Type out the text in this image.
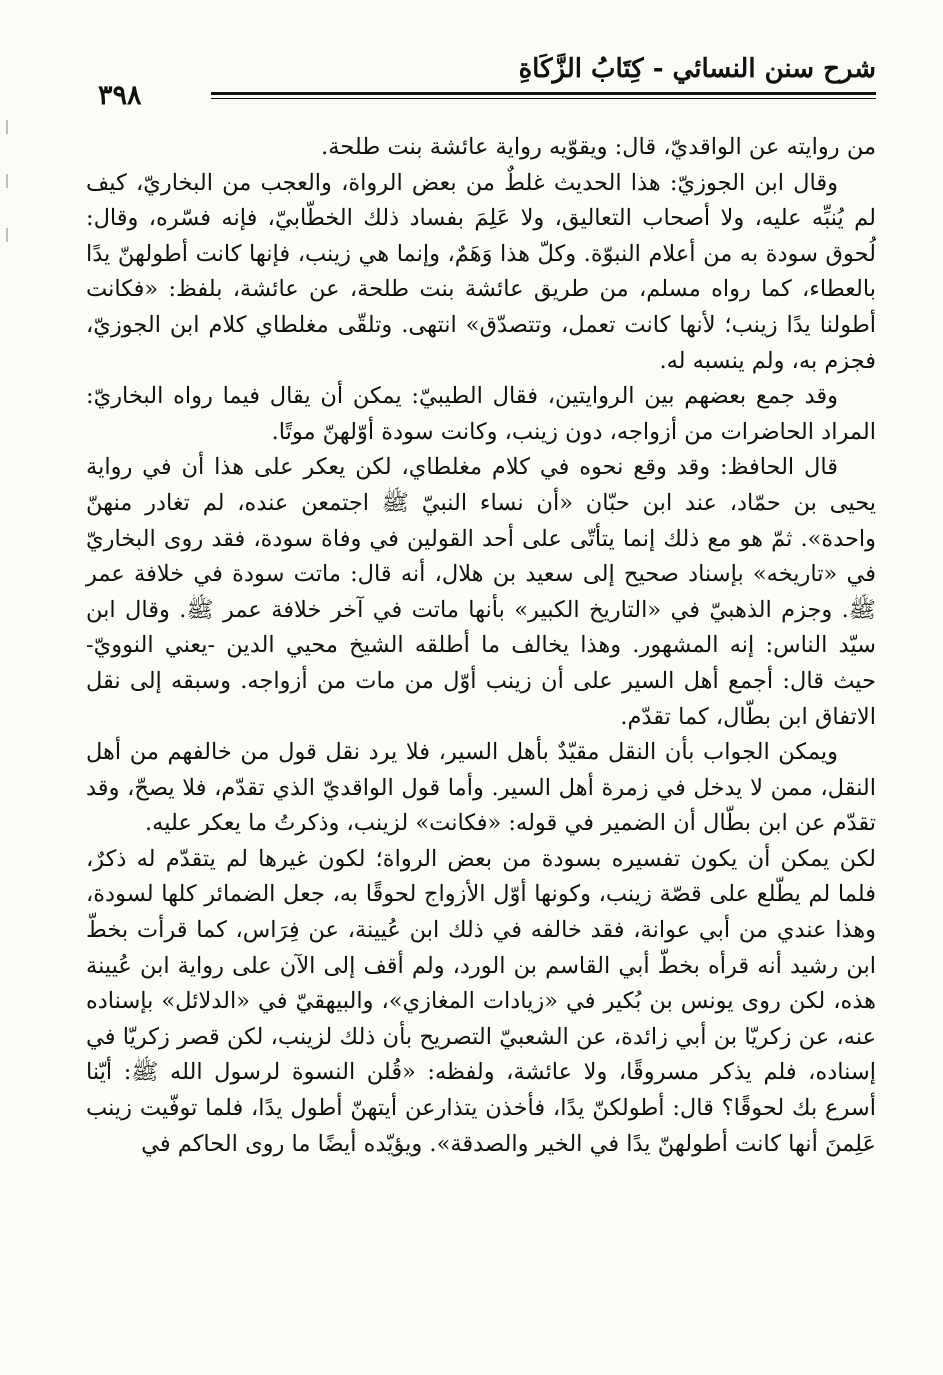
شرح سنن النسائي - كِتَابُ الزَّكَاةِ
٣٩٨

من روايته عن الواقديّ، قال: ويقوّيه رواية عائشة بنت طلحة.

وقال ابن الجوزيّ: هذا الحديث غلطٌ من بعض الرواة، والعجب من البخاريّ، كيف لم يُنبِّه عليه، ولا أصحاب التعاليق، ولا عَلِمَ بفساد ذلك الخطّابيّ، فإنه فسّره، وقال: لُحوق سودة به من أعلام النبوّة. وكلّ هذا وَهَمٌ، وإنما هي زينب، فإنها كانت أطولهنّ يدًا بالعطاء، كما رواه مسلم، من طريق عائشة بنت طلحة، عن عائشة، بلفظ: «فكانت أطولنا يدًا زينب؛ لأنها كانت تعمل، وتتصدّق» انتهى. وتلقّى مغلطاي كلام ابن الجوزيّ، فجزم به، ولم ينسبه له.

وقد جمع بعضهم بين الروايتين، فقال الطيبيّ: يمكن أن يقال فيما رواه البخاريّ: المراد الحاضرات من أزواجه، دون زينب، وكانت سودة أوّلهنّ موتًا.

قال الحافظ: وقد وقع نحوه في كلام مغلطاي، لكن يعكر على هذا أن في رواية يحيى بن حمّاد، عند ابن حبّان «أن نساء النبيّ ﷺ اجتمعن عنده، لم تغادر منهنّ واحدة». ثمّ هو مع ذلك إنما يتأتّى على أحد القولين في وفاة سودة، فقد روى البخاريّ في «تاريخه» بإسناد صحيح إلى سعيد بن هلال، أنه قال: ماتت سودة في خلافة عمر ﷺ. وجزم الذهبيّ في «التاريخ الكبير» بأنها ماتت في آخر خلافة عمر ﷺ. وقال ابن سيّد الناس: إنه المشهور. وهذا يخالف ما أطلقه الشيخ محيي الدين -يعني النوويّ- حيث قال: أجمع أهل السير على أن زينب أوّل من مات من أزواجه. وسبقه إلى نقل الاتفاق ابن بطّال، كما تقدّم.

ويمكن الجواب بأن النقل مقيّدٌ بأهل السير، فلا يرد نقل قول من خالفهم من أهل النقل، ممن لا يدخل في زمرة أهل السير. وأما قول الواقديّ الذي تقدّم، فلا يصحّ، وقد تقدّم عن ابن بطّال أن الضمير في قوله: «فكانت» لزينب، وذكرتُ ما يعكر عليه.

لكن يمكن أن يكون تفسيره بسودة من بعض الرواة؛ لكون غيرها لم يتقدّم له ذكرٌ، فلما لم يطّلع على قصّة زينب، وكونها أوّل الأزواج لحوقًا به، جعل الضمائر كلها لسودة، وهذا عندي من أبي عوانة، فقد خالفه في ذلك ابن عُيينة، عن فِرَاس، كما قرأت بخطّ ابن رشيد أنه قرأه بخطّ أبي القاسم بن الورد، ولم أقف إلى الآن على رواية ابن عُيينة هذه، لكن روى يونس بن بُكير في «زيادات المغازي»، والبيهقيّ في «الدلائل» بإسناده عنه، عن زكريّا بن أبي زائدة، عن الشعبيّ التصريح بأن ذلك لزينب، لكن قصر زكريّا في إسناده، فلم يذكر مسروقًا، ولا عائشة، ولفظه: «قُلن النسوة لرسول الله ﷺ: أيّنا أسرع بك لحوقًا؟ قال: أطولكنّ يدًا، فأخذن يتذارعن أيتهنّ أطول يدًا، فلما توفّيت زينب عَلِمنَ أنها كانت أطولهنّ يدًا في الخير والصدقة». ويؤيّده أيضًا ما روى الحاكم في
